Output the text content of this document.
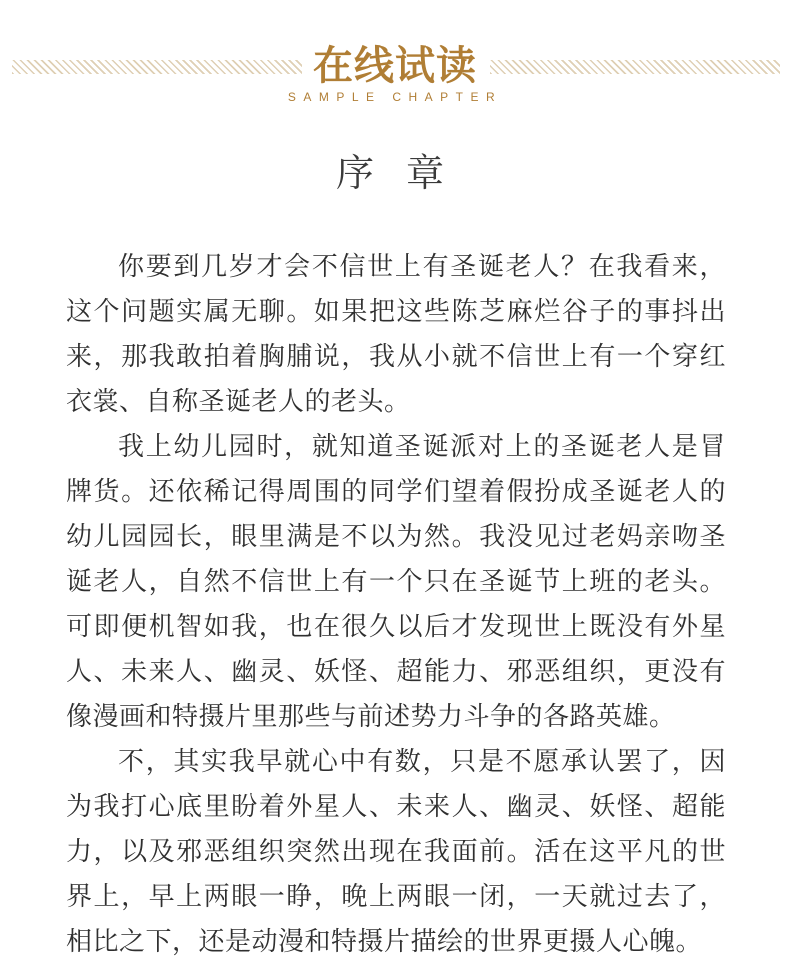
在线试读
SAMPLE CHAPTER
序 章

你要到几岁才会不信世上有圣诞老人？在我看来，这个问题实属无聊。如果把这些陈芝麻烂谷子的事抖出来，那我敢拍着胸脯说，我从小就不信世上有一个穿红衣裳、自称圣诞老人的老头。

我上幼儿园时，就知道圣诞派对上的圣诞老人是冒牌货。还依稀记得周围的同学们望着假扮成圣诞老人的幼儿园园长，眼里满是不以为然。我没见过老妈亲吻圣诞老人，自然不信世上有一个只在圣诞节上班的老头。可即便机智如我，也在很久以后才发现世上既没有外星人、未来人、幽灵、妖怪、超能力、邪恶组织，更没有像漫画和特摄片里那些与前述势力斗争的各路英雄。

不，其实我早就心中有数，只是不愿承认罢了，因为我打心底里盼着外星人、未来人、幽灵、妖怪、超能力，以及邪恶组织突然出现在我面前。活在这平凡的世界上，早上两眼一睁，晚上两眼一闭，一天就过去了，相比之下，还是动漫和特摄片描绘的世界更摄人心魄。
